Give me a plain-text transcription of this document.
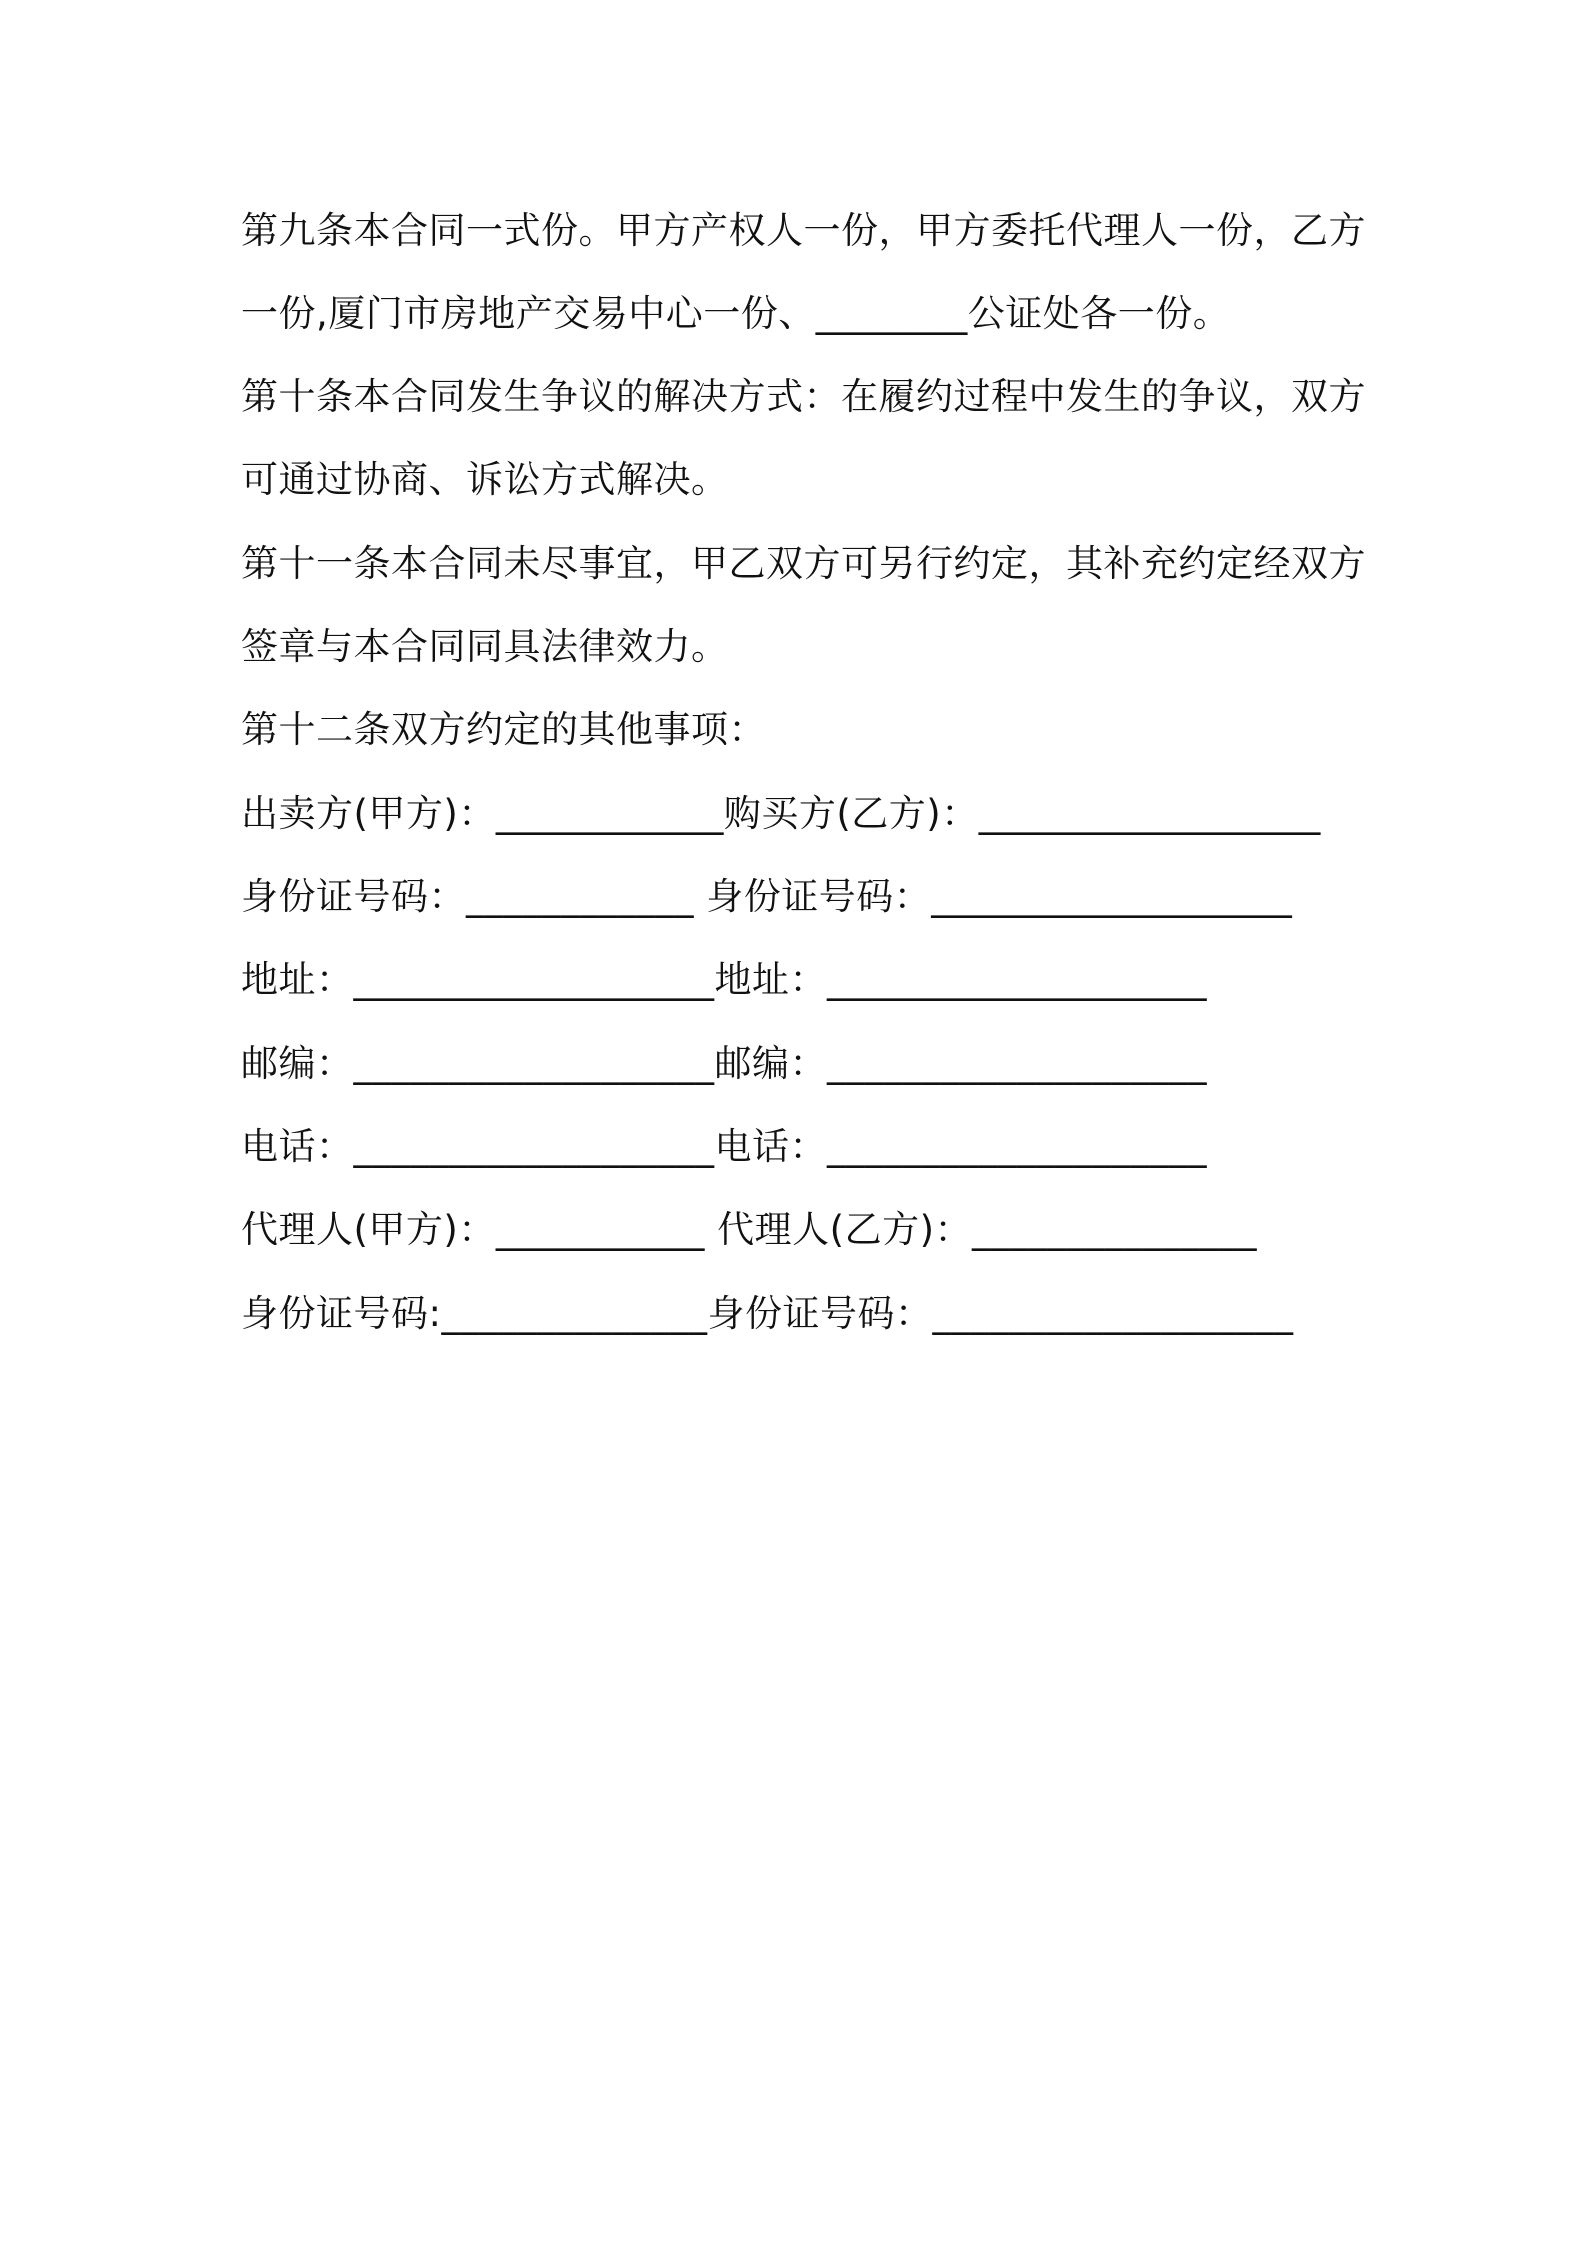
第九条本合同一式份。甲方产权人一份，甲方委托代理人一份，乙方
一份,厦门市房地产交易中心一份、________公证处各一份。
第十条本合同发生争议的解决方式：在履约过程中发生的争议，双方
可通过协商、诉讼方式解决。
第十一条本合同未尽事宜，甲乙双方可另行约定，其补充约定经双方
签章与本合同同具法律效力。
第十二条双方约定的其他事项：
出卖方(甲方)：____________购买方(乙方)：__________________
身份证号码：____________ 身份证号码：___________________
地址：___________________地址：____________________
邮编：___________________邮编：____________________
电话：___________________电话：____________________
代理人(甲方)：___________ 代理人(乙方)：_______________
身份证号码:______________身份证号码：___________________
